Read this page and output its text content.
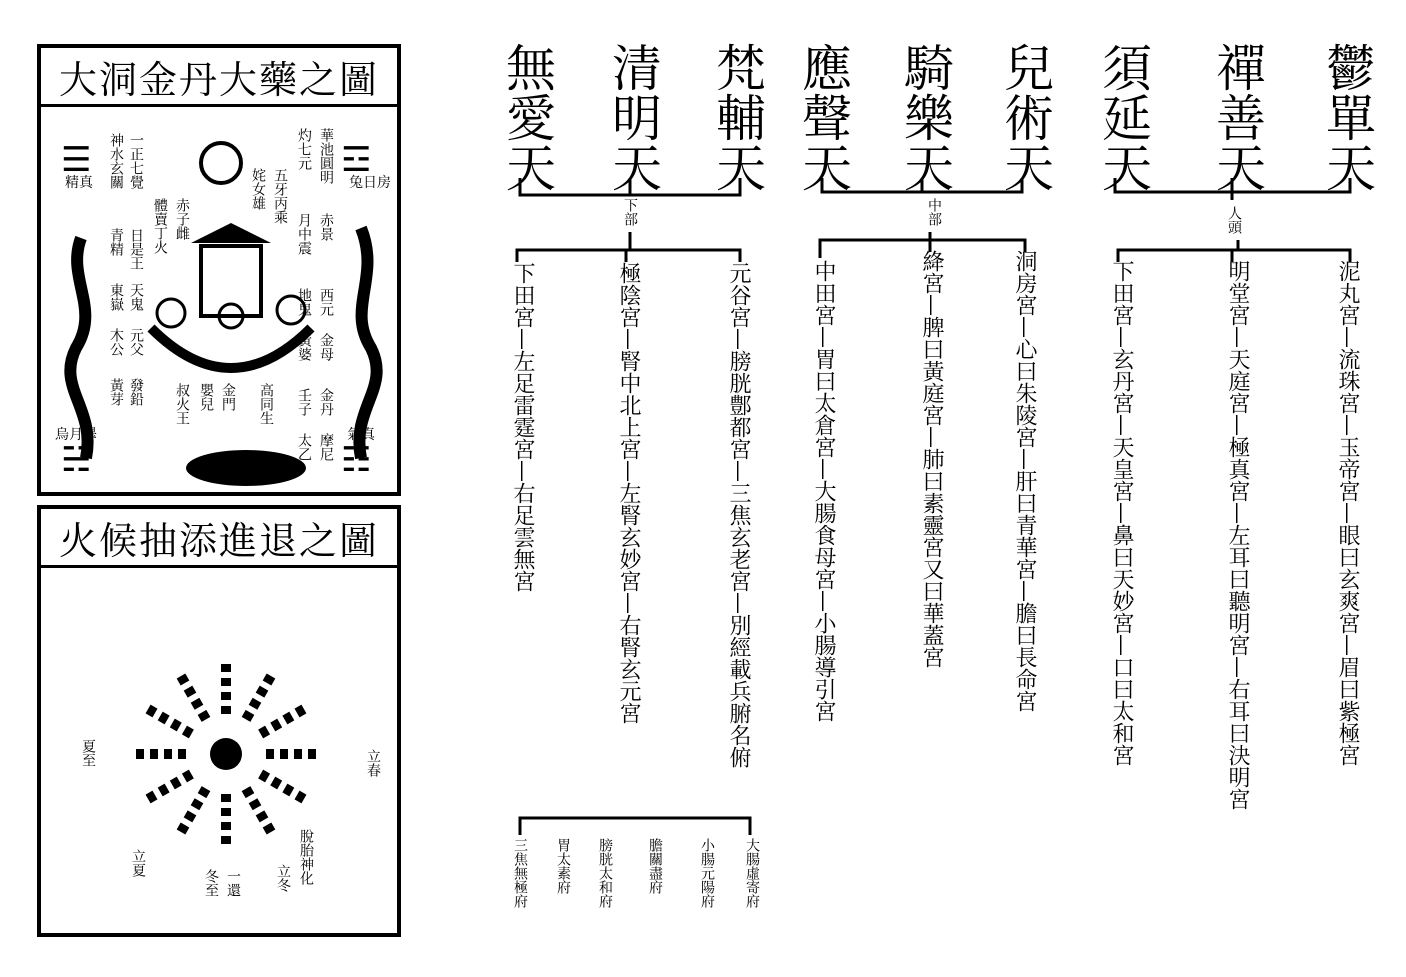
大洞金丹大藥之圖
☰	☲
☵	☷
精真
烏月畢
兔日房
氣真
一正七覺
神水玄關
日是王
青精
天鬼
東嶽
元父
木公
發鉛
黃芽
華池圓明
灼七元
赤景
月中震
西元
地鬼
金母
黃婆
金丹
壬子
摩尼
太乙
五牙丙乘
姹女雄
赤子雌
體賣丁火
叔火王 嬰兒 金門 高同生
火候抽添進退之圖
冬至 一還 立冬 脫胎神化
立春
立夏
夏至
梵輔天
清明天
無愛天
下部
元谷宮—膀胱鄷都宮—三焦玄老宮—別經載兵腑名俯
極陰宮—腎中北上宮—左腎玄妙宮—右腎玄元宮
下田宮—左足雷霆宮—右足雲無宮
大腸虛寄府
小腸元陽府
膽關盡府
膀胱太和府
胃太素府
三焦無極府
兒術天
騎樂天
應聲天
中部
洞房宮—心曰朱陵宮—肝曰青華宮—膽曰長命宮
絳宮—脾曰黃庭宮—肺曰素靈宮又曰華蓋宮
中田宮—胃曰太倉宮—大腸食母宮—小腸導引宮
鬱單天
禪善天
須延天
人頭
泥丸宮—流珠宮—玉帝宮—眼曰玄爽宮—眉曰紫極宮
明堂宮—天庭宮—極真宮—左耳曰聽明宮—右耳曰決明宮
下田宮—玄丹宮—天皇宮—鼻曰天妙宮—口曰太和宮
